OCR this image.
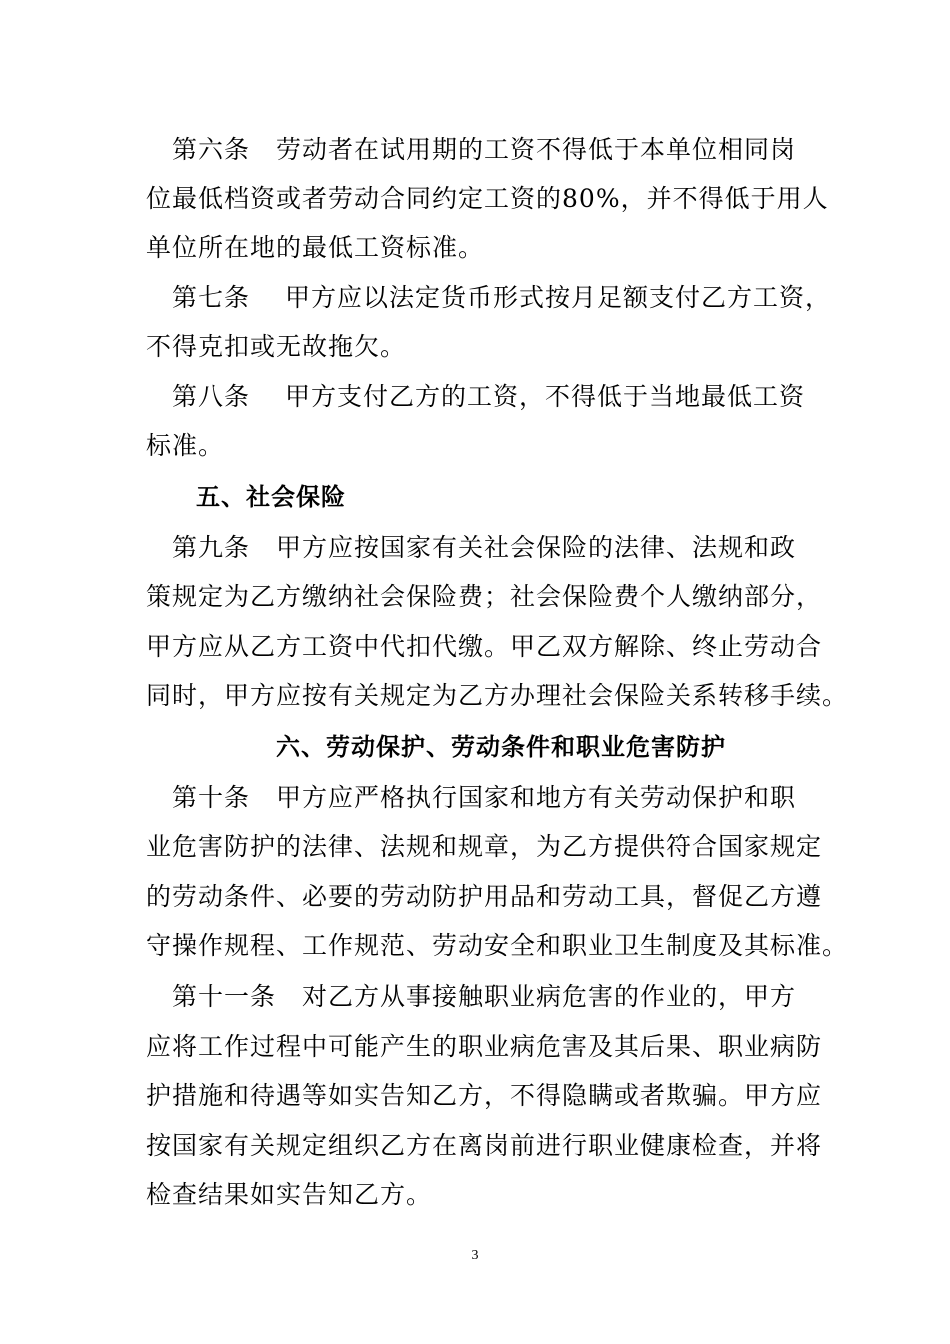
　第六条　劳动者在试用期的工资不得低于本单位相同岗
位最低档资或者劳动合同约定工资的80%，并不得低于用人
单位所在地的最低工资标准。
　第七条　 甲方应以法定货币形式按月足额支付乙方工资，
不得克扣或无故拖欠。
　第八条　 甲方支付乙方的工资，不得低于当地最低工资
标准。
　　五、社会保险
　第九条　甲方应按国家有关社会保险的法律、法规和政
策规定为乙方缴纳社会保险费；社会保险费个人缴纳部分，
甲方应从乙方工资中代扣代缴。甲乙双方解除、终止劳动合
同时，甲方应按有关规定为乙方办理社会保险关系转移手续。
六、劳动保护、劳动条件和职业危害防护
　第十条　甲方应严格执行国家和地方有关劳动保护和职
业危害防护的法律、法规和规章，为乙方提供符合国家规定
的劳动条件、必要的劳动防护用品和劳动工具，督促乙方遵
守操作规程、工作规范、劳动安全和职业卫生制度及其标准。
　第十一条　对乙方从事接触职业病危害的作业的，甲方
应将工作过程中可能产生的职业病危害及其后果、职业病防
护措施和待遇等如实告知乙方，不得隐瞒或者欺骗。甲方应
按国家有关规定组织乙方在离岗前进行职业健康检查，并将
检查结果如实告知乙方。
3
